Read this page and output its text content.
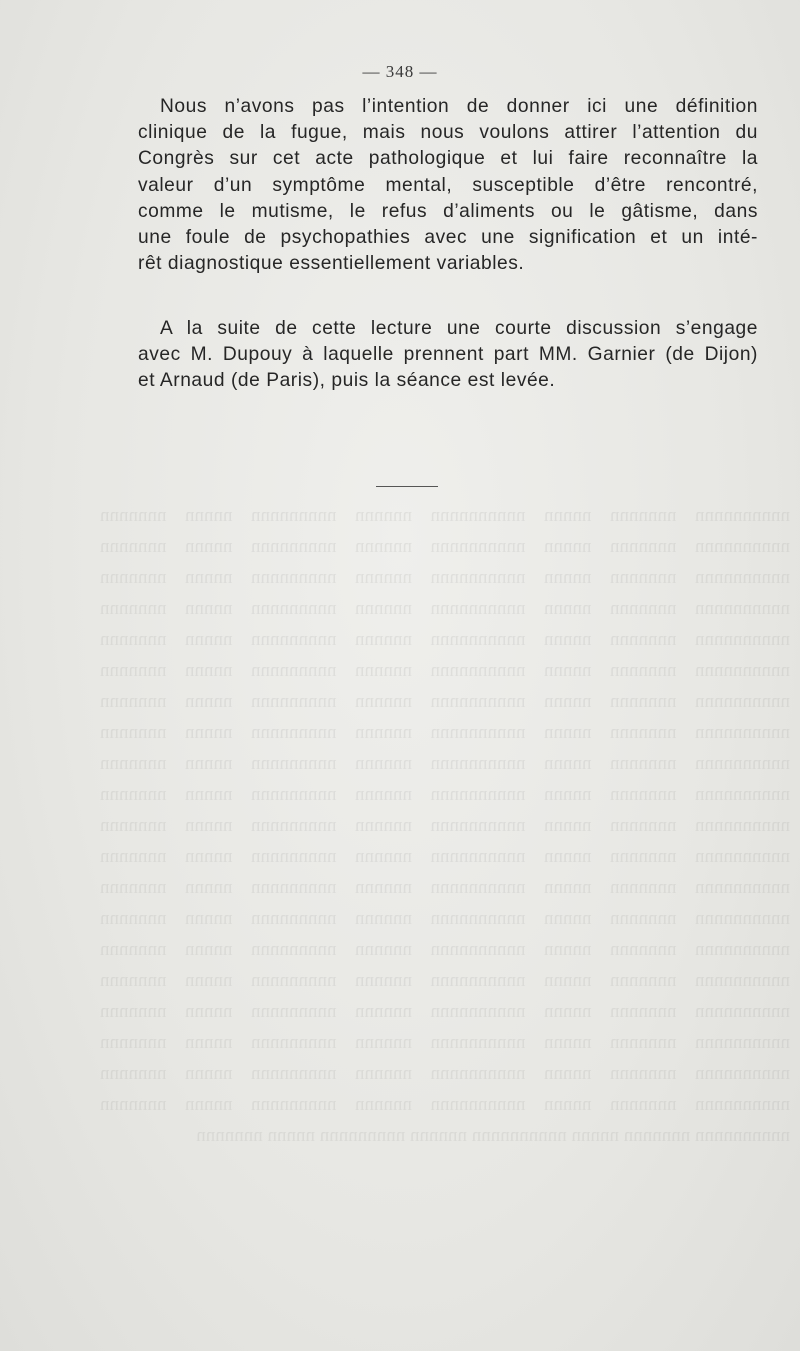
nnnnnnnnnn nnnnnnn nnnnn nnnnnnnnnn nnnnnn nnnnnnnnn nnnnn nnnnnnn nnnnnnnnnn nnnnnnn nnnnn nnnnnnnnnn nnnnnn nnnnnnnnn nnnnn nnnnnnn nnnnnnnnnn nnnnnnn nnnnn nnnnnnnnnn nnnnnn nnnnnnnnn nnnnn nnnnnnn nnnnnnnnnn nnnnnnn nnnnn nnnnnnnnnn nnnnnn nnnnnnnnn nnnnn nnnnnnn nnnnnnnnnn nnnnnnn nnnnn nnnnnnnnnn nnnnnn nnnnnnnnn nnnnn nnnnnnn nnnnnnnnnn nnnnnnn nnnnn nnnnnnnnnn nnnnnn nnnnnnnnn nnnnn nnnnnnn nnnnnnnnnn nnnnnnn nnnnn nnnnnnnnnn nnnnnn nnnnnnnnn nnnnn nnnnnnn nnnnnnnnnn nnnnnnn nnnnn nnnnnnnnnn nnnnnn nnnnnnnnn nnnnn nnnnnnn nnnnnnnnnn nnnnnnn nnnnn nnnnnnnnnn nnnnnn nnnnnnnnn nnnnn nnnnnnn nnnnnnnnnn nnnnnnn nnnnn nnnnnnnnnn nnnnnn nnnnnnnnn nnnnn nnnnnnn nnnnnnnnnn nnnnnnn nnnnn nnnnnnnnnn nnnnnn nnnnnnnnn nnnnn nnnnnnn nnnnnnnnnn nnnnnnn nnnnn nnnnnnnnnn nnnnnn nnnnnnnnn nnnnn nnnnnnn nnnnnnnnnn nnnnnnn nnnnn nnnnnnnnnn nnnnnn nnnnnnnnn nnnnn nnnnnnn nnnnnnnnnn nnnnnnn nnnnn nnnnnnnnnn nnnnnn nnnnnnnnn nnnnn nnnnnnn nnnnnnnnnn nnnnnnn nnnnn nnnnnnnnnn nnnnnn nnnnnnnnn nnnnn nnnnnnn nnnnnnnnnn nnnnnnn nnnnn nnnnnnnnnn nnnnnn nnnnnnnnn nnnnn nnnnnnn nnnnnnnnnn nnnnnnn nnnnn nnnnnnnnnn nnnnnn nnnnnnnnn nnnnn nnnnnnn nnnnnnnnnn nnnnnnn nnnnn nnnnnnnnnn nnnnnn nnnnnnnnn nnnnn nnnnnnn nnnnnnnnnn nnnnnnn nnnnn nnnnnnnnnn nnnnnn nnnnnnnnn nnnnn nnnnnnn nnnnnnnnnn nnnnnnn nnnnn nnnnnnnnnn nnnnnn nnnnnnnnn nnnnn nnnnnnn nnnnnnnnnn nnnnnnn nnnnn nnnnnnnnnn nnnnnn nnnnnnnnn nnnnn nnnnnnn
— 348 —
Nous n’avons pas l’intention de donner ici une définition
clinique de la fugue, mais nous voulons attirer l’attention du
Congrès sur cet acte pathologique et lui faire reconnaître la
valeur d’un symptôme mental, susceptible d’être rencontré,
comme le mutisme, le refus d’aliments ou le gâtisme, dans
une foule de psychopathies avec une signification et un inté-
rêt diagnostique essentiellement variables.
A la suite de cette lecture une courte discussion s’engage
avec M. Dupouy à laquelle prennent part MM. Garnier (de Dijon)
et Arnaud (de Paris), puis la séance est levée.
